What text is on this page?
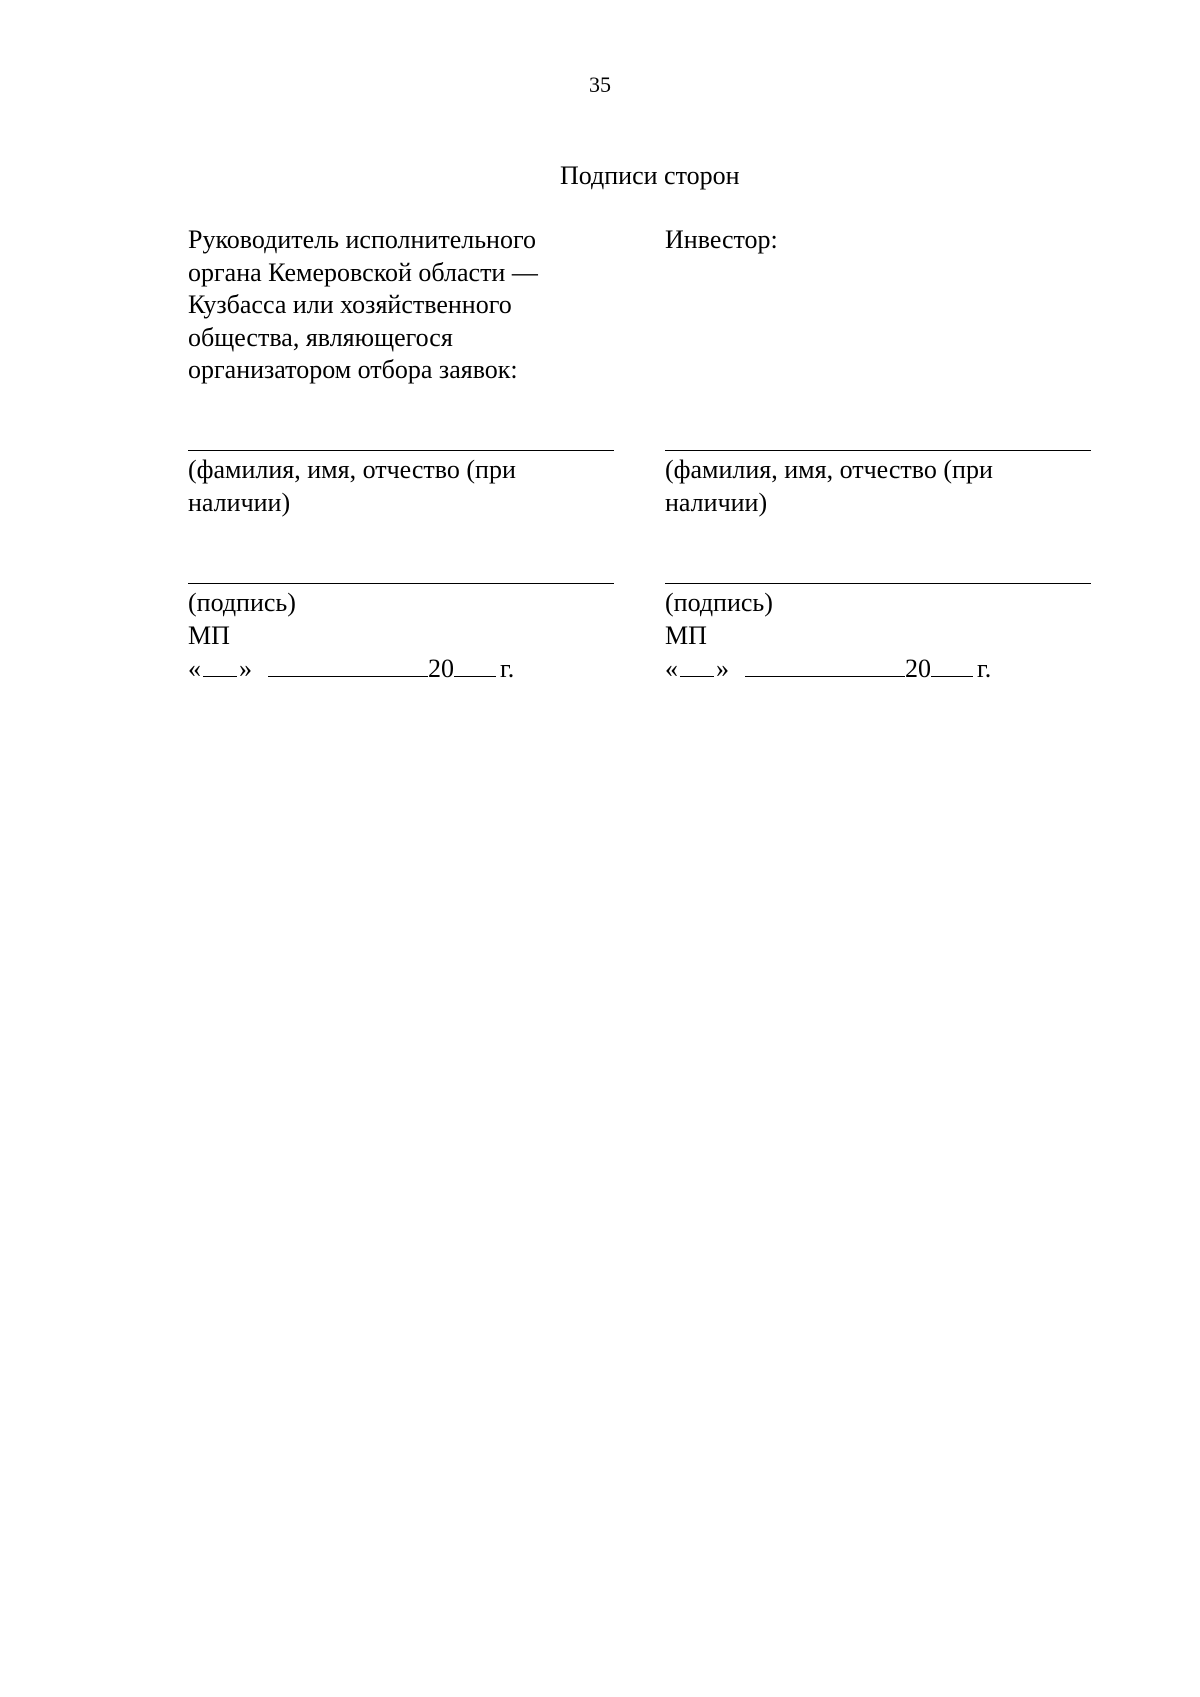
35
Подписи сторон
Руководитель исполнительного
органа Кемеровской области —
Кузбасса или хозяйственного
общества, являющегося
организатором отбора заявок:
(фамилия, имя, отчество (при
наличии)
(подпись)
МП
« »	20 г.
Инвестор:
(фамилия, имя, отчество (при
наличии)
(подпись)
МП
« »	20 г.
